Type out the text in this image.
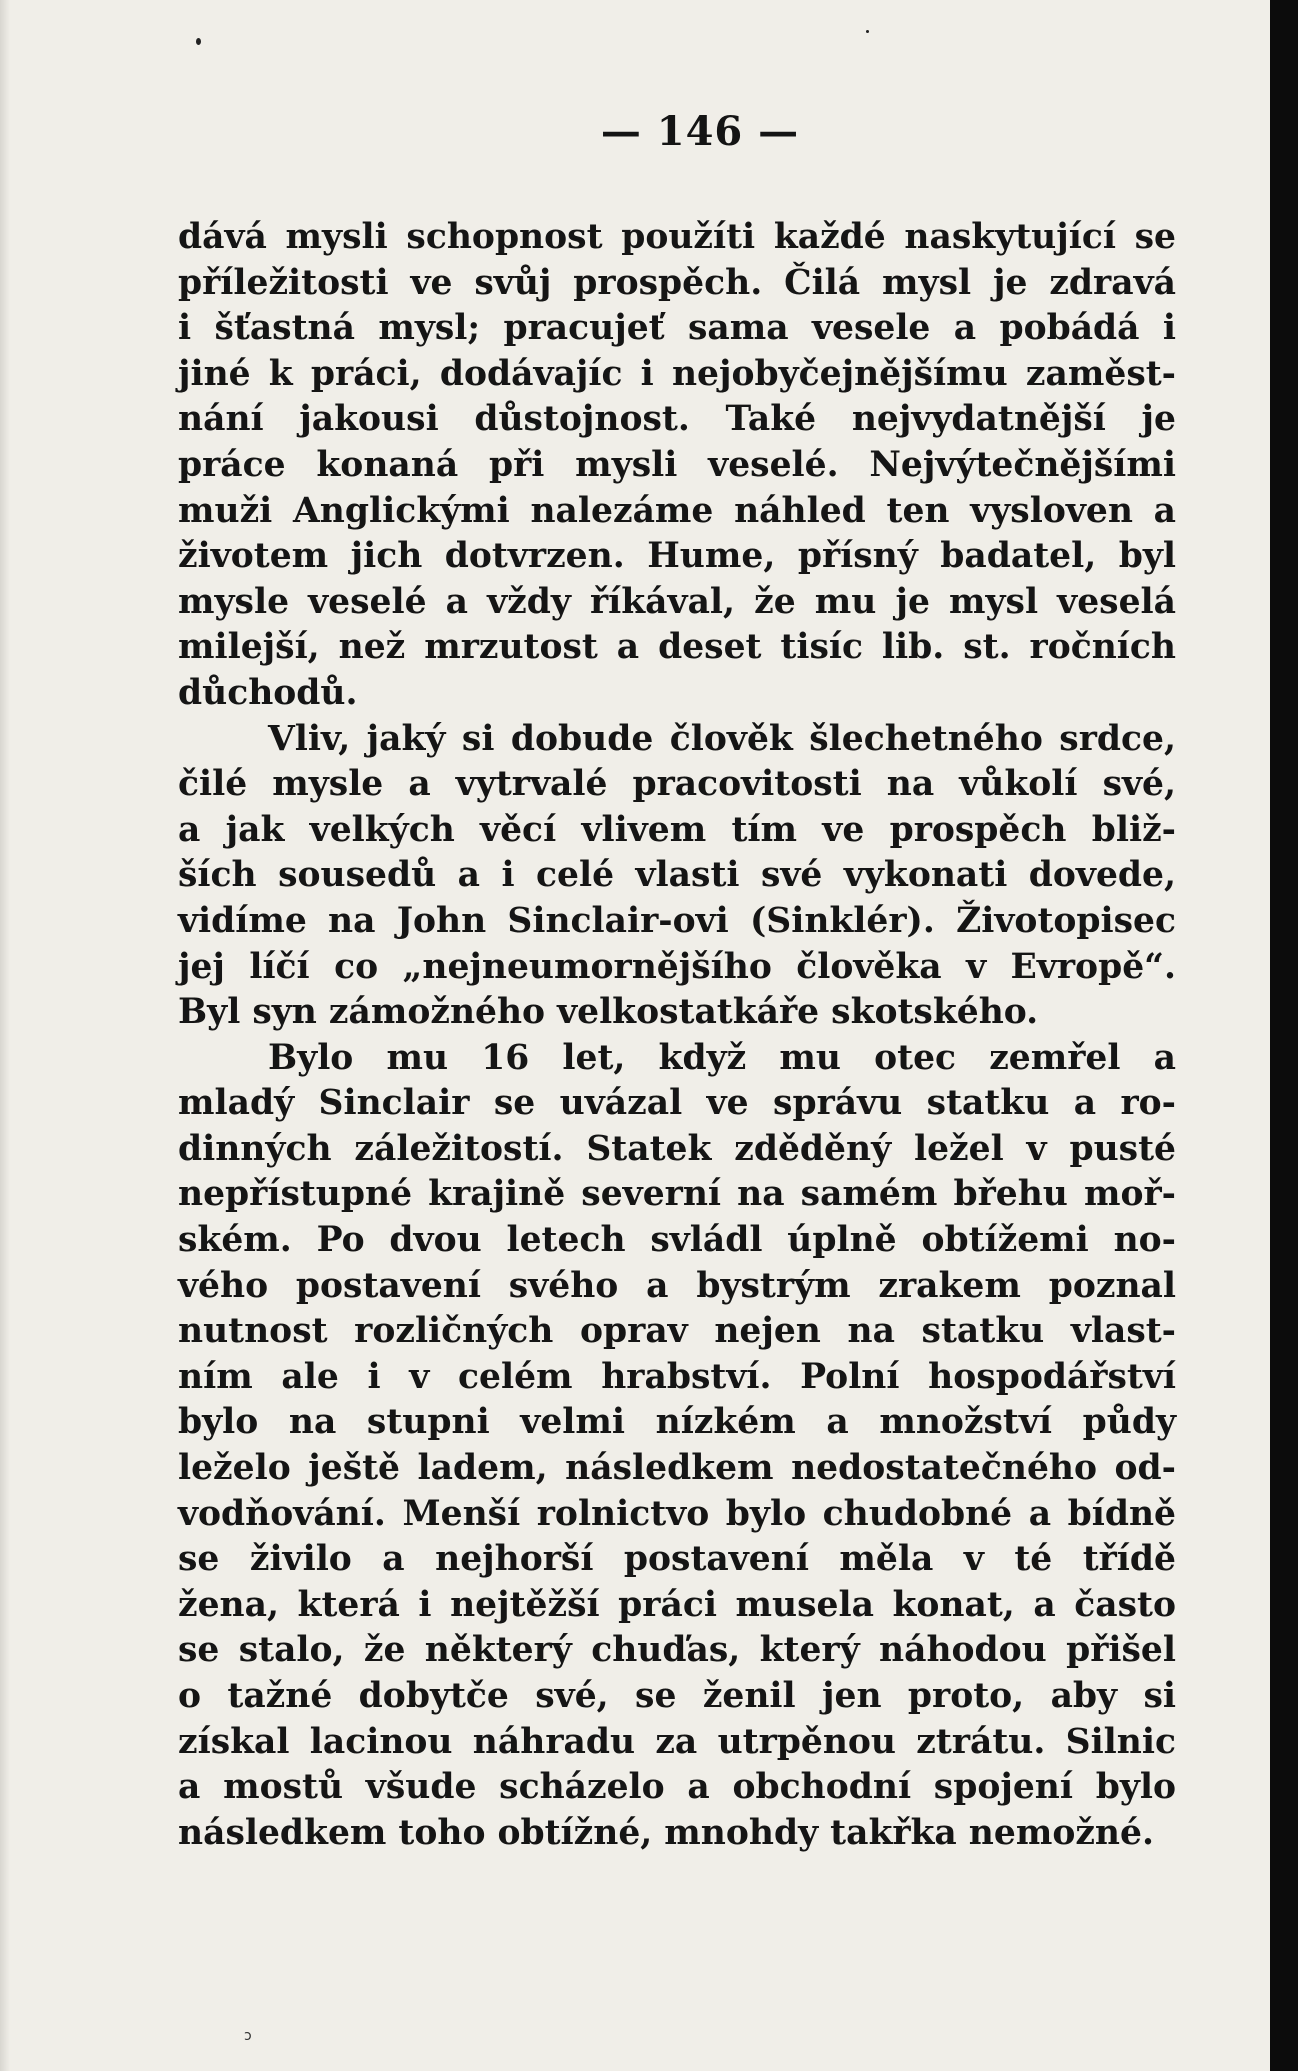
— 146 —
dává mysli schopnost použíti každé naskytující se
příležitosti ve svůj prospěch. Čilá mysl je zdravá
i šťastná mysl; pracujeť sama vesele a pobádá i
jiné k práci, dodávajíc i nejobyčejnějšímu zaměst-
nání jakousi důstojnost. Také nejvydatnější je
práce konaná při mysli veselé. Nejvýtečnějšími
muži Anglickými nalezáme náhled ten vysloven a
životem jich dotvrzen. Hume, přísný badatel, byl
mysle veselé a vždy říkával, že mu je mysl veselá
milejší, než mrzutost a deset tisíc lib. st. ročních
důchodů.
Vliv, jaký si dobude člověk šlechetného srdce,
čilé mysle a vytrvalé pracovitosti na vůkolí své,
a jak velkých věcí vlivem tím ve prospěch bliž-
ších sousedů a i celé vlasti své vykonati dovede,
vidíme na John Sinclair-ovi (Sinklér). Životopisec
jej líčí co „nejneumornějšího člověka v Evropě“.
Byl syn zámožného velkostatkáře skotského.
Bylo mu 16 let, když mu otec zemřel a
mladý Sinclair se uvázal ve správu statku a ro-
dinných záležitostí. Statek zděděný ležel v pusté
nepřístupné krajině severní na samém břehu moř-
ském. Po dvou letech svládl úplně obtížemi no-
vého postavení svého a bystrým zrakem poznal
nutnost rozličných oprav nejen na statku vlast-
ním ale i v celém hrabství. Polní hospodářství
bylo na stupni velmi nízkém a množství půdy
leželo ještě ladem, následkem nedostatečného od-
vodňování. Menší rolnictvo bylo chudobné a bídně
se živilo a nejhorší postavení měla v té třídě
žena, která i nejtěžší práci musela konat, a často
se stalo, že některý chuďas, který náhodou přišel
o tažné dobytče své, se ženil jen proto, aby si
získal lacinou náhradu za utrpěnou ztrátu. Silnic
a mostů všude scházelo a obchodní spojení bylo
následkem toho obtížné, mnohdy takřka nemožné.
ɔ
